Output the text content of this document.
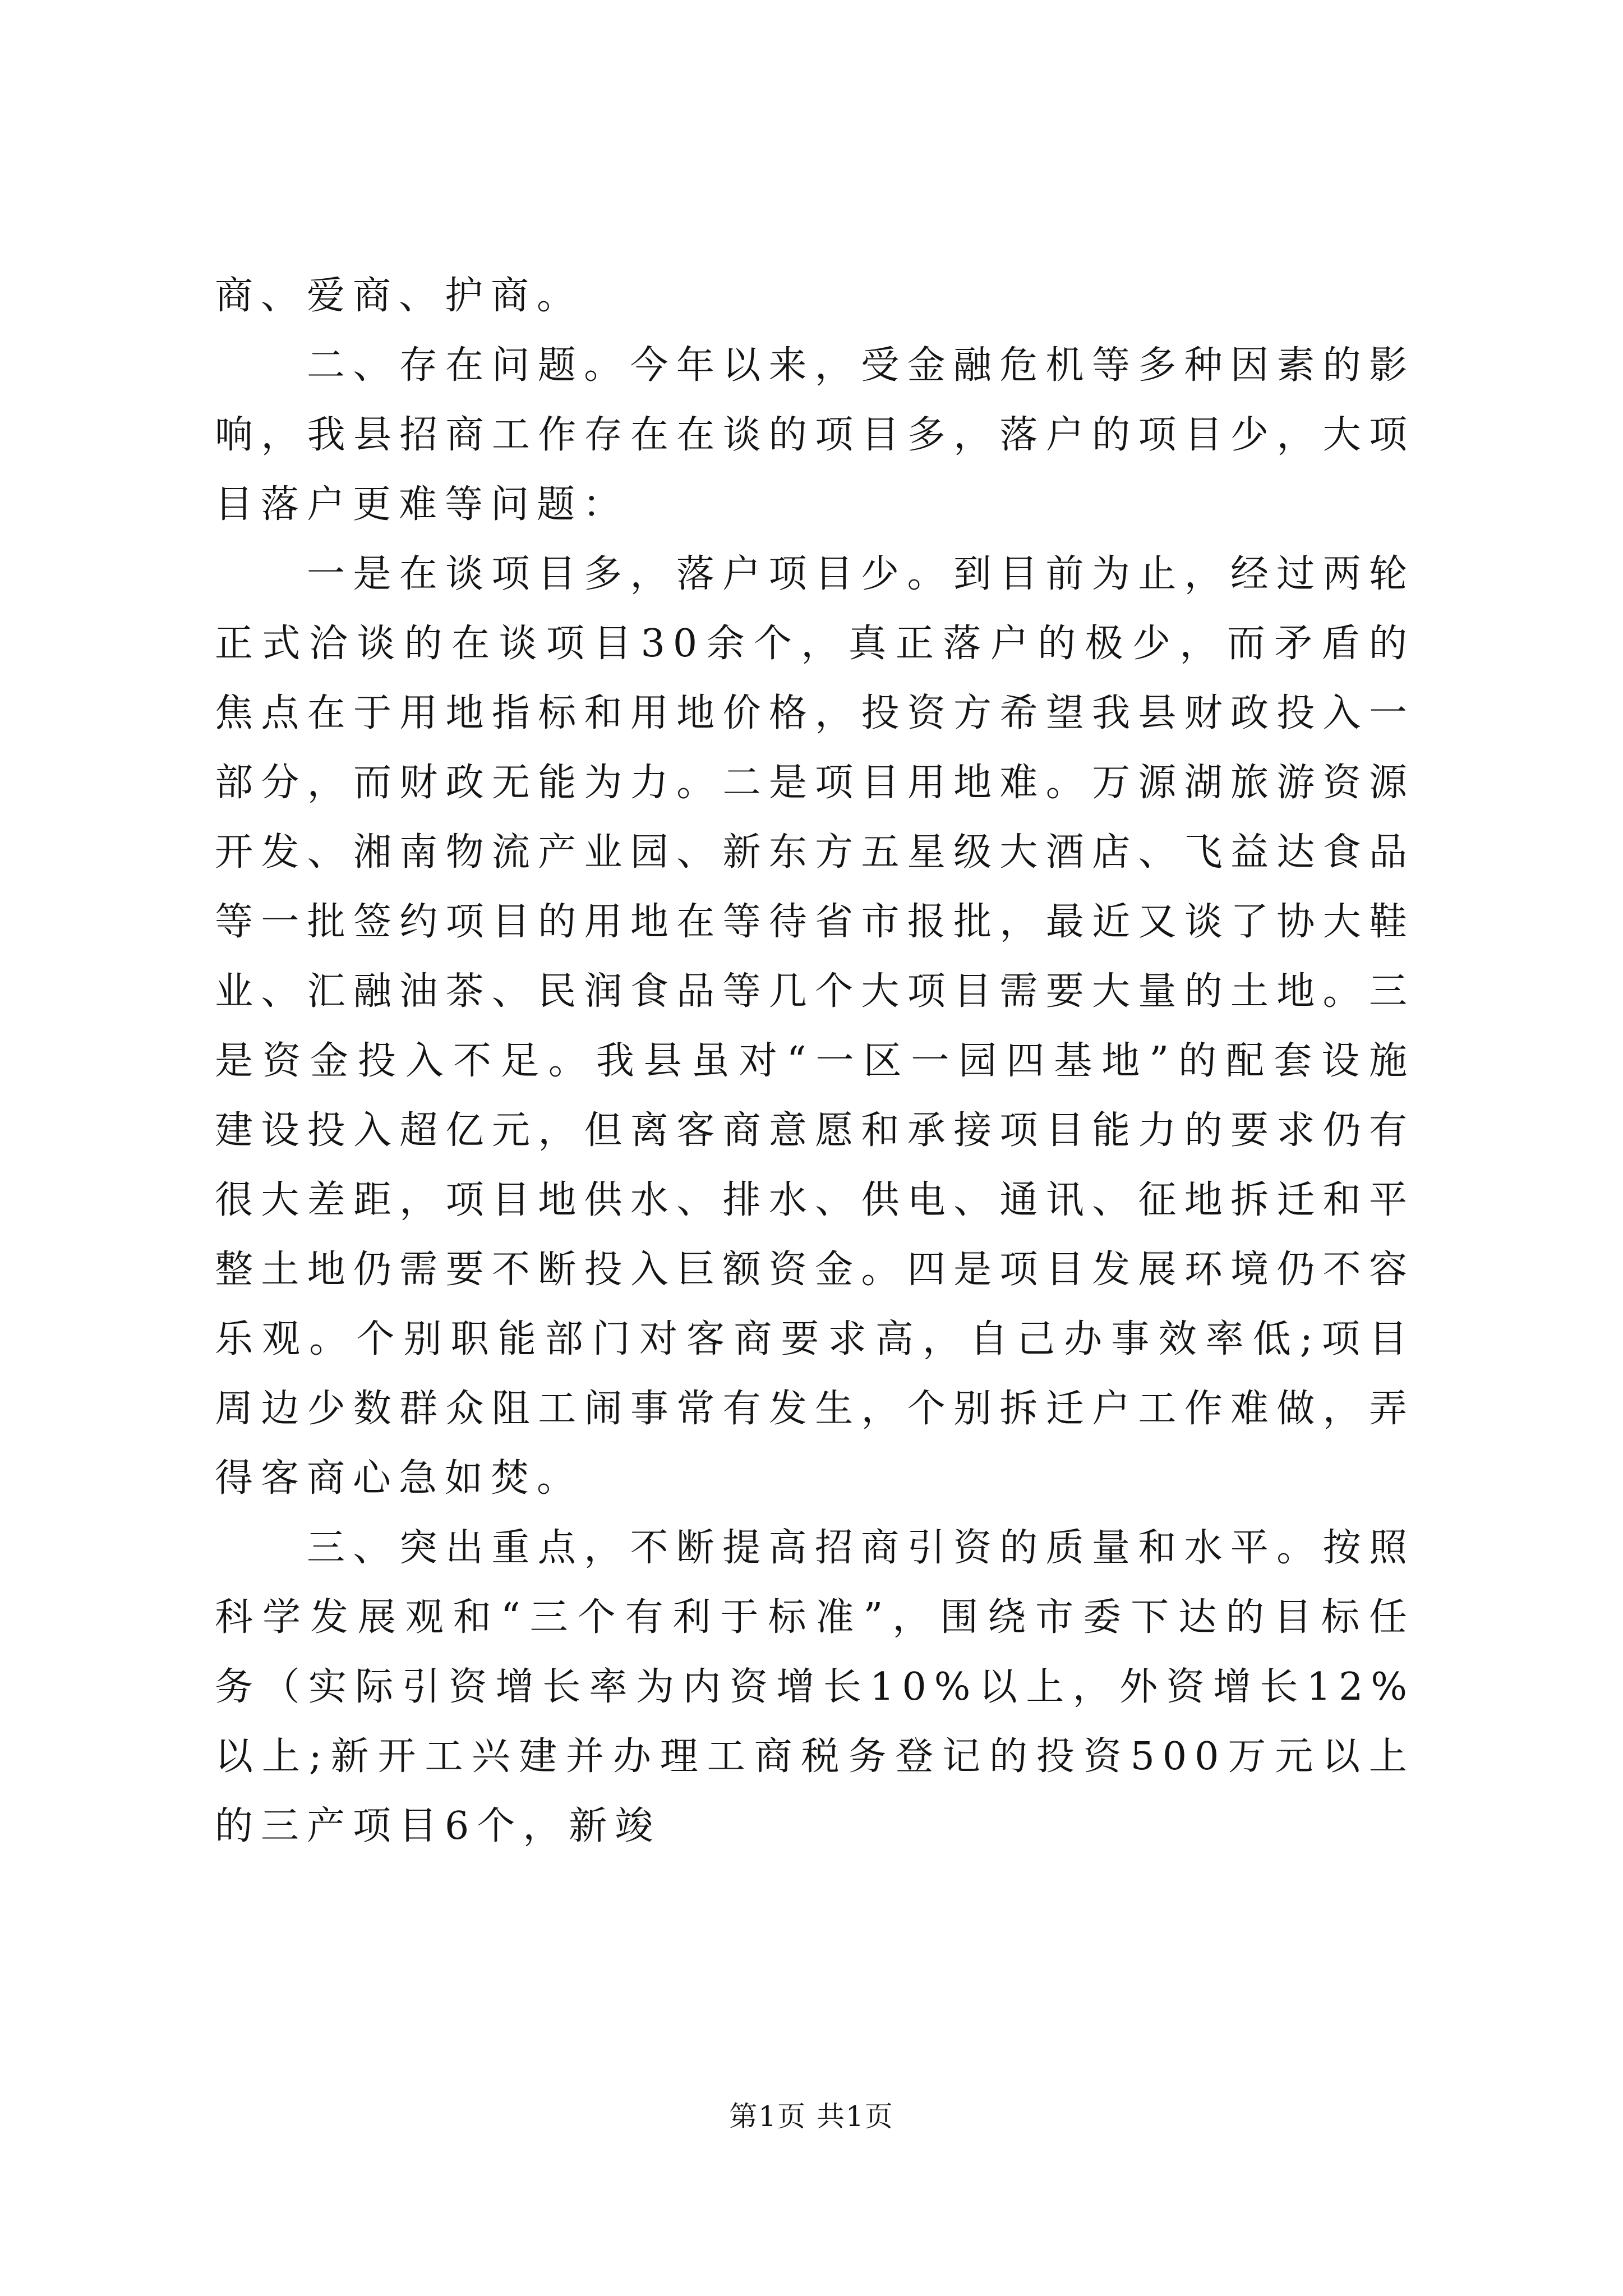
商、爱商、护商。

二、存在问题。今年以来，受金融危机等多种因素的影响，我县招商工作存在在谈的项目多，落户的项目少，大项目落户更难等问题：

一是在谈项目多，落户项目少。到目前为止，经过两轮正式洽谈的在谈项目30余个，真正落户的极少，而矛盾的焦点在于用地指标和用地价格，投资方希望我县财政投入一部分，而财政无能为力。二是项目用地难。万源湖旅游资源开发、湘南物流产业园、新东方五星级大酒店、飞益达食品等一批签约项目的用地在等待省市报批，最近又谈了协大鞋业、汇融油茶、民润食品等几个大项目需要大量的土地。三是资金投入不足。我县虽对“一区一园四基地”的配套设施建设投入超亿元，但离客商意愿和承接项目能力的要求仍有很大差距，项目地供水、排水、供电、通讯、征地拆迁和平整土地仍需要不断投入巨额资金。四是项目发展环境仍不容乐观。个别职能部门对客商要求高，自己办事效率低;项目周边少数群众阻工闹事常有发生，个别拆迁户工作难做，弄得客商心急如焚。

三、突出重点，不断提高招商引资的质量和水平。按照科学发展观和“三个有利于标准”，围绕市委下达的目标任务（实际引资增长率为内资增长10%以上，外资增长12%以上;新开工兴建并办理工商税务登记的投资500万元以上的三产项目6个，新竣

第1页 共1页
